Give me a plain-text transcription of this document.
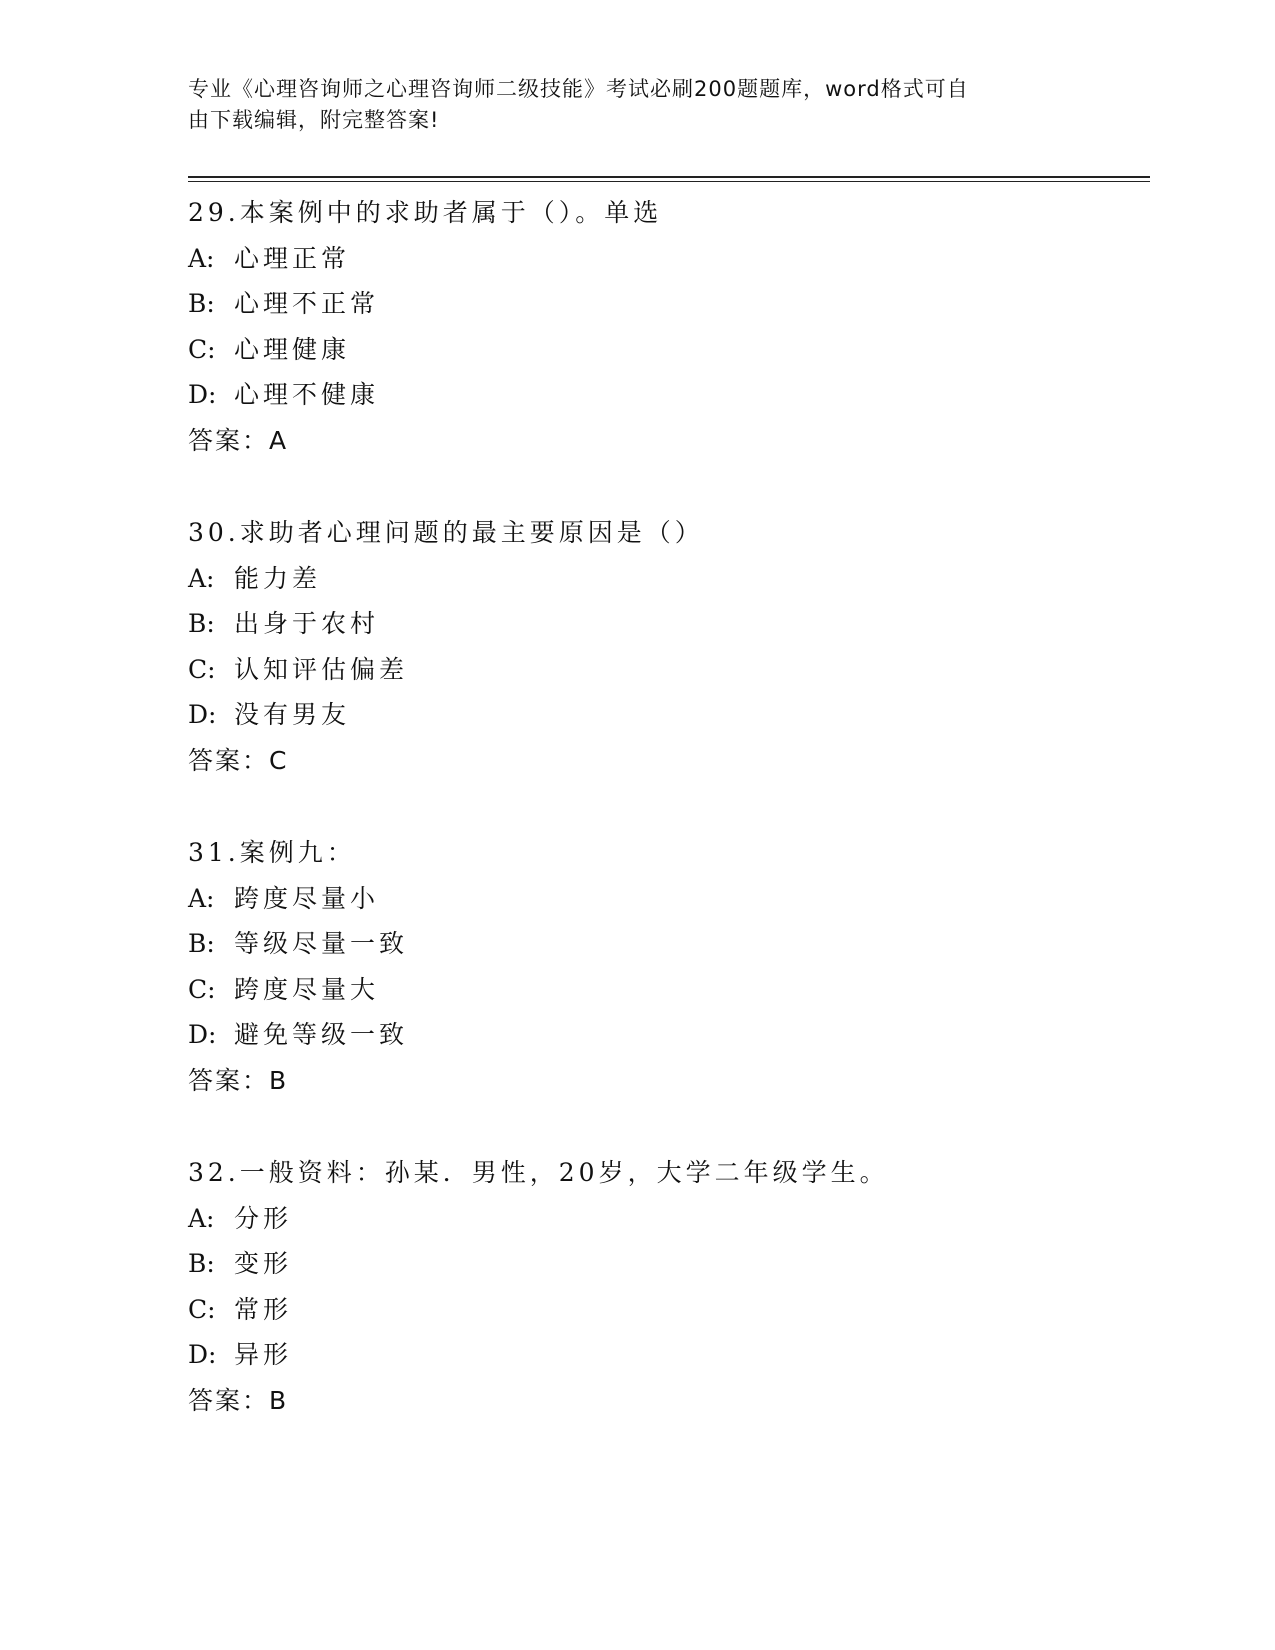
专业《心理咨询师之心理咨询师二级技能》考试必刷200题题库，word格式可自
由下载编辑，附完整答案!
29.本案例中的求助者属于（）。单选
A: 心理正常
B: 心理不正常
C: 心理健康
D: 心理不健康
答案：A
30.求助者心理问题的最主要原因是（）
A: 能力差
B: 出身于农村
C: 认知评估偏差
D: 没有男友
答案：C
31.案例九：
A: 跨度尽量小
B: 等级尽量一致
C: 跨度尽量大
D: 避免等级一致
答案：B
32.一般资料：孙某．男性，20岁，大学二年级学生。
A: 分形
B: 变形
C: 常形
D: 异形
答案：B
